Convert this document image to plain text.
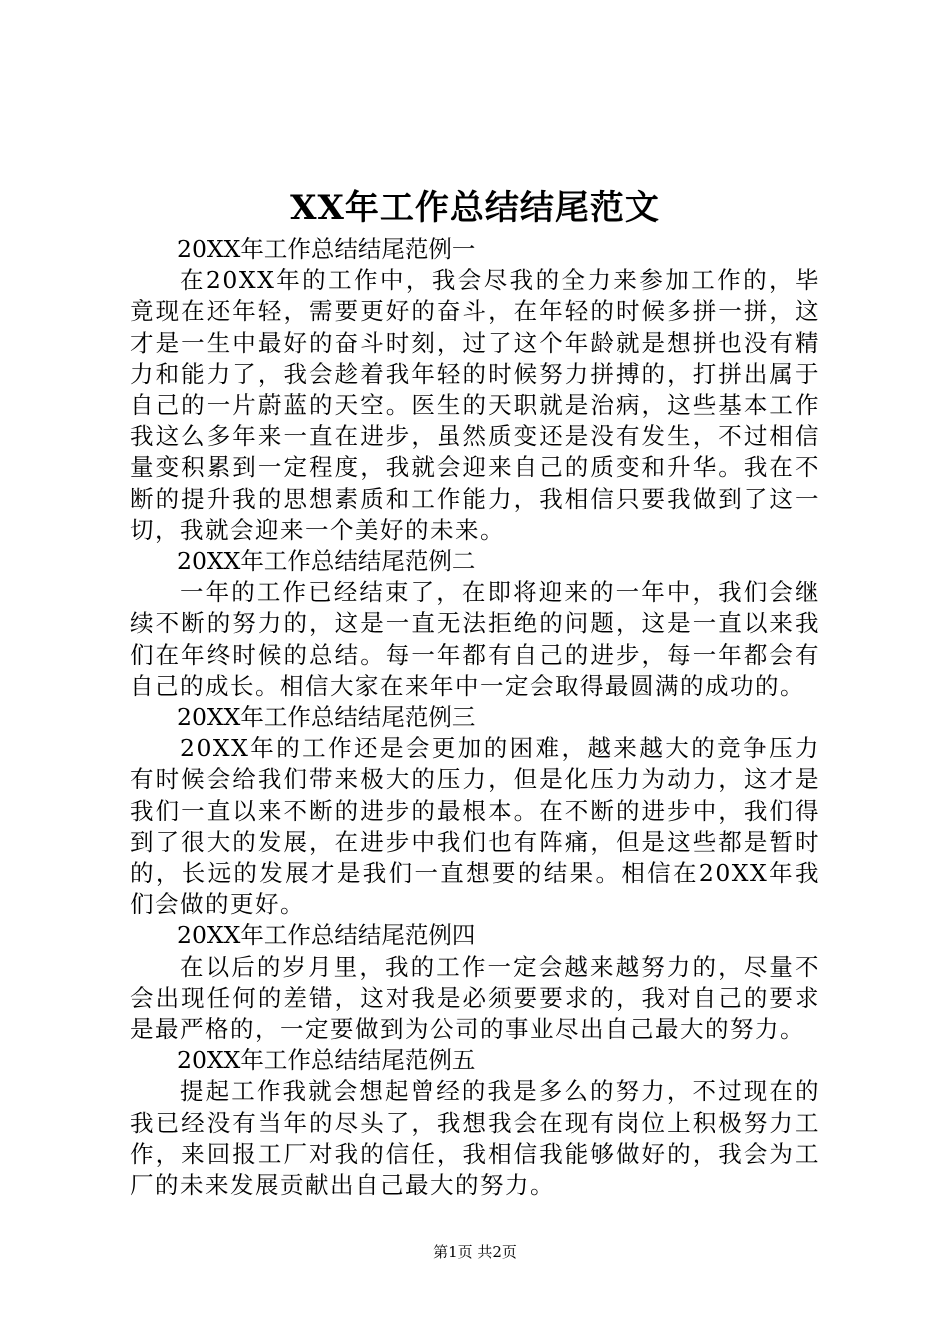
XX年工作总结结尾范文

20XX年工作总结结尾范例一

在20XX年的工作中，我会尽我的全力来参加工作的，毕竟现在还年轻，需要更好的奋斗，在年轻的时候多拼一拼，这才是一生中最好的奋斗时刻，过了这个年龄就是想拼也没有精力和能力了，我会趁着我年轻的时候努力拼搏的，打拼出属于自己的一片蔚蓝的天空。医生的天职就是治病，这些基本工作我这么多年来一直在进步，虽然质变还是没有发生，不过相信量变积累到一定程度，我就会迎来自己的质变和升华。我在不断的提升我的思想素质和工作能力，我相信只要我做到了这一切，我就会迎来一个美好的未来。

20XX年工作总结结尾范例二

一年的工作已经结束了，在即将迎来的一年中，我们会继续不断的努力的，这是一直无法拒绝的问题，这是一直以来我们在年终时候的总结。每一年都有自己的进步，每一年都会有自己的成长。相信大家在来年中一定会取得最圆满的成功的。

20XX年工作总结结尾范例三

20XX年的工作还是会更加的困难，越来越大的竞争压力有时候会给我们带来极大的压力，但是化压力为动力，这才是我们一直以来不断的进步的最根本。在不断的进步中，我们得到了很大的发展，在进步中我们也有阵痛，但是这些都是暂时的，长远的发展才是我们一直想要的结果。相信在20XX年我们会做的更好。

20XX年工作总结结尾范例四

在以后的岁月里，我的工作一定会越来越努力的，尽量不会出现任何的差错，这对我是必须要要求的，我对自己的要求是最严格的，一定要做到为公司的事业尽出自己最大的努力。

20XX年工作总结结尾范例五

提起工作我就会想起曾经的我是多么的努力，不过现在的我已经没有当年的尽头了，我想我会在现有岗位上积极努力工作，来回报工厂对我的信任，我相信我能够做好的，我会为工厂的未来发展贡献出自己最大的努力。

第1页 共2页
